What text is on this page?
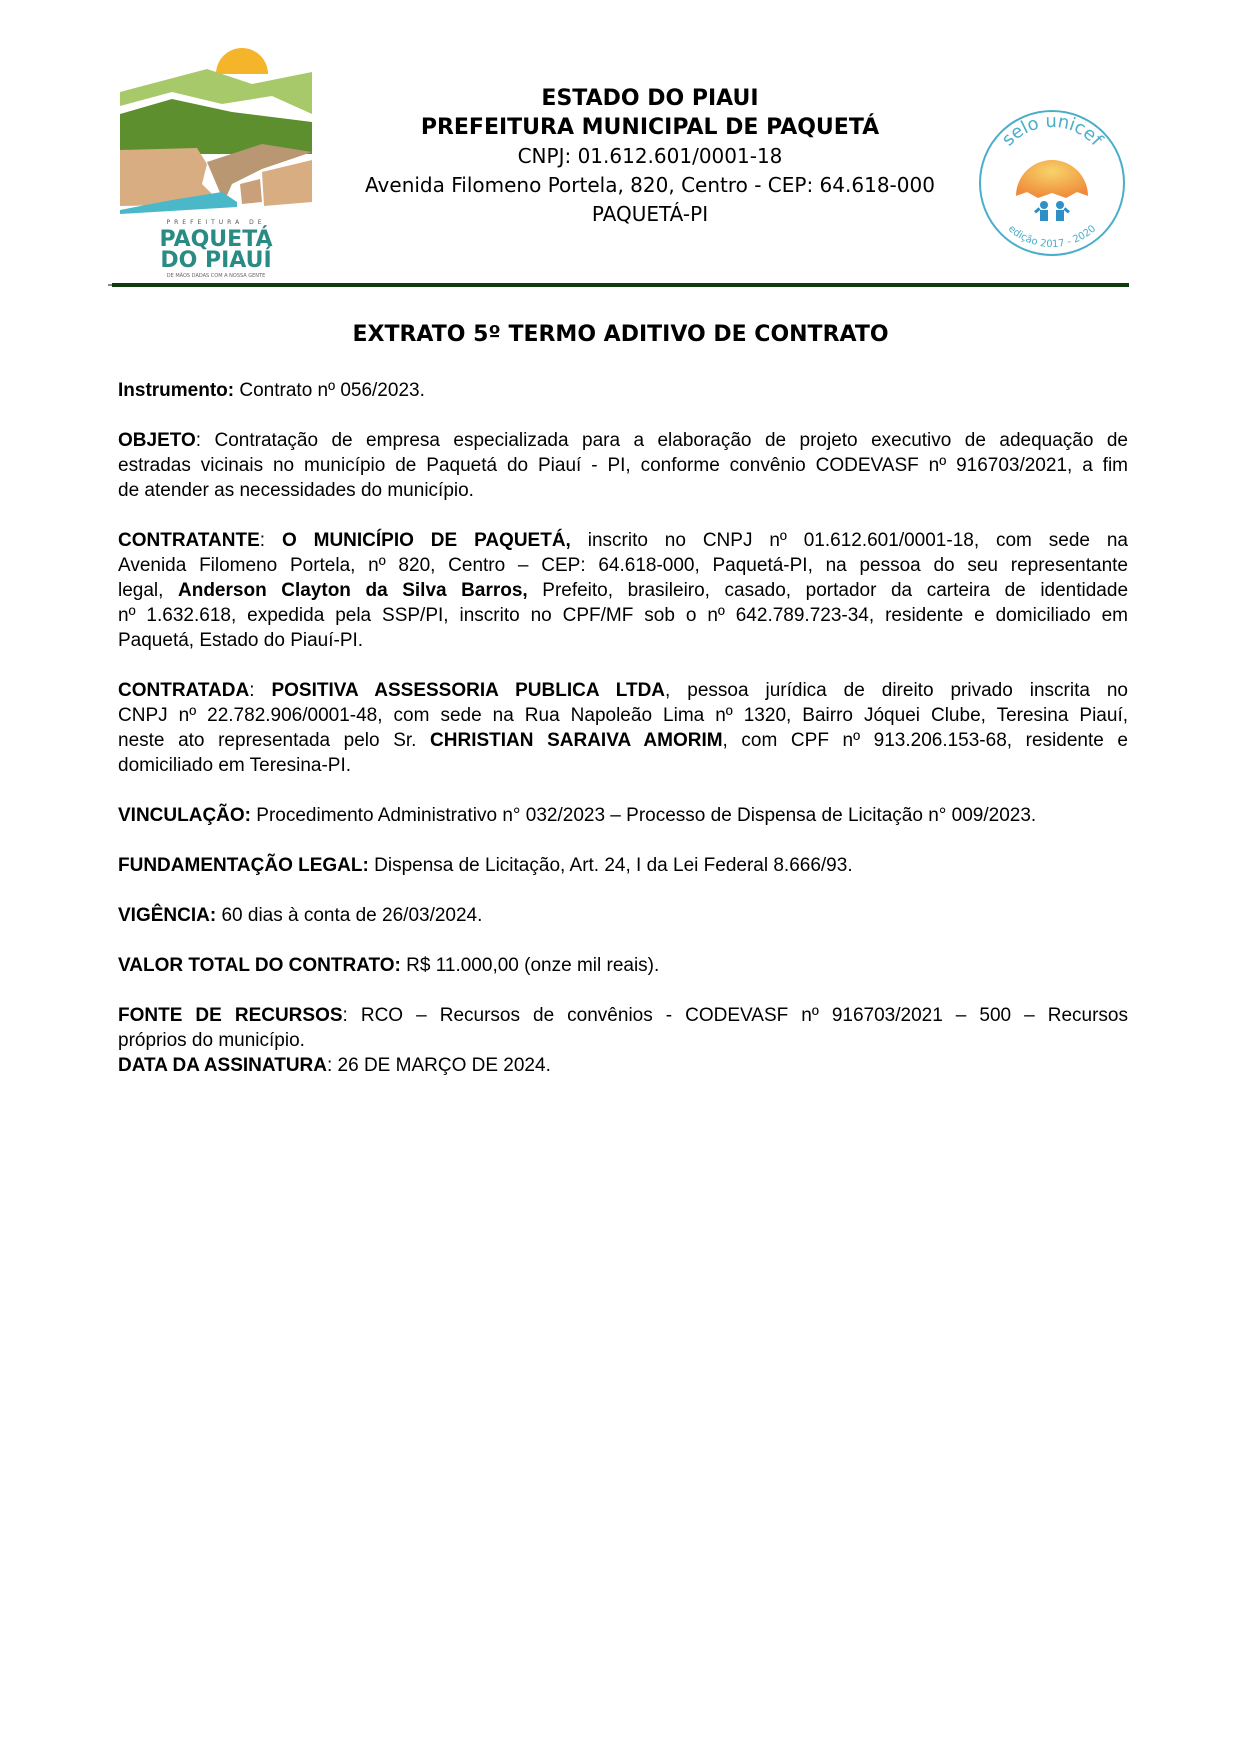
PREFEITURA DE
PAQUETÁ
DO PIAUÍ
DE MÃOS DADAS COM A NOSSA GENTE
ESTADO DO PIAUI
PREFEITURA MUNICIPAL DE PAQUETÁ
CNPJ: 01.612.601/0001-18
Avenida Filomeno Portela, 820, Centro - CEP: 64.618-000
PAQUETÁ-PI
selo unicef
edição 2017 - 2020
EXTRATO 5º TERMO ADITIVO DE CONTRATO

Instrumento: Contrato nº 056/2023.

OBJETO: Contratação de empresa especializada para a elaboração de projeto executivo de adequação de
estradas vicinais no município de Paquetá do Piauí - PI, conforme convênio CODEVASF nº 916703/2021, a fim
de atender as necessidades do município.

CONTRATANTE: O MUNICÍPIO DE PAQUETÁ, inscrito no CNPJ nº 01.612.601/0001-18, com sede na
Avenida Filomeno Portela, nº 820, Centro – CEP: 64.618-000, Paquetá-PI, na pessoa do seu representante
legal, Anderson Clayton da Silva Barros, Prefeito, brasileiro, casado, portador da carteira de identidade
nº 1.632.618, expedida pela SSP/PI, inscrito no CPF/MF sob o nº 642.789.723-34, residente e domiciliado em
Paquetá, Estado do Piauí-PI.

CONTRATADA: POSITIVA ASSESSORIA PUBLICA LTDA, pessoa jurídica de direito privado inscrita no
CNPJ nº 22.782.906/0001-48, com sede na Rua Napoleão Lima nº 1320, Bairro Jóquei Clube, Teresina Piauí,
neste ato representada pelo Sr. CHRISTIAN SARAIVA AMORIM, com CPF nº 913.206.153-68, residente e
domiciliado em Teresina-PI.

VINCULAÇÃO: Procedimento Administrativo n° 032/2023 – Processo de Dispensa de Licitação n° 009/2023.

FUNDAMENTAÇÃO LEGAL: Dispensa de Licitação, Art. 24, I da Lei Federal 8.666/93.

VIGÊNCIA: 60 dias à conta de 26/03/2024.

VALOR TOTAL DO CONTRATO: R$ 11.000,00 (onze mil reais).

FONTE DE RECURSOS: RCO – Recursos de convênios - CODEVASF nº 916703/2021 – 500 – Recursos
próprios do município.

DATA DA ASSINATURA: 26 DE MARÇO DE 2024.
